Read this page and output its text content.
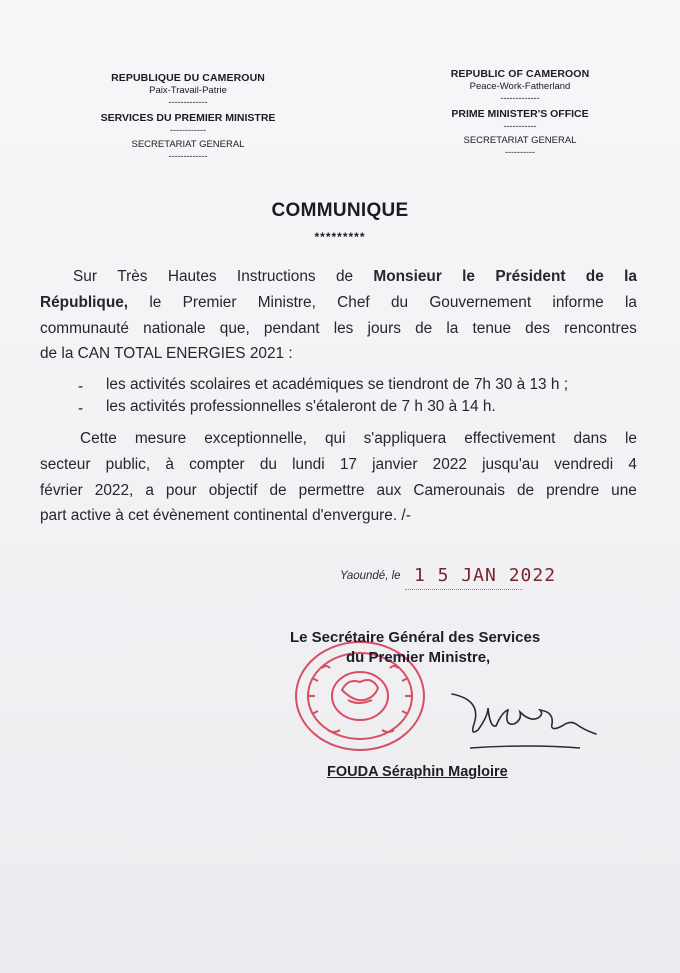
REPUBLIQUE DU CAMEROUN
Paix-Travail-Patrie
-------------
SERVICES DU PREMIER MINISTRE
------------
SECRETARIAT GENERAL
-------------
REPUBLIC OF CAMEROON
Peace-Work-Fatherland
-------------
PRIME MINISTER'S OFFICE
-----------
SECRETARIAT GENERAL
----------
COMMUNIQUE
*********
Sur Très Hautes Instructions de Monsieur le Président de la
République, le Premier Ministre, Chef du Gouvernement informe la
communauté nationale que, pendant les jours de la tenue des rencontres
de la CAN TOTAL ENERGIES 2021 :
- les activités scolaires et académiques se tiendront de 7h 30 à 13 h ;
- les activités professionnelles s'étaleront de 7 h 30 à 14 h.
Cette mesure exceptionnelle, qui s'appliquera effectivement dans le
secteur public, à compter du lundi 17 janvier 2022 jusqu'au vendredi 4
février 2022, a pour objectif de permettre aux Camerounais de prendre une
part active à cet évènement continental d'envergure. /-
Yaoundé, le 1 5 JAN 2022
Le Secrétaire Général des Services
du Premier Ministre,
FOUDA Séraphin Magloire
